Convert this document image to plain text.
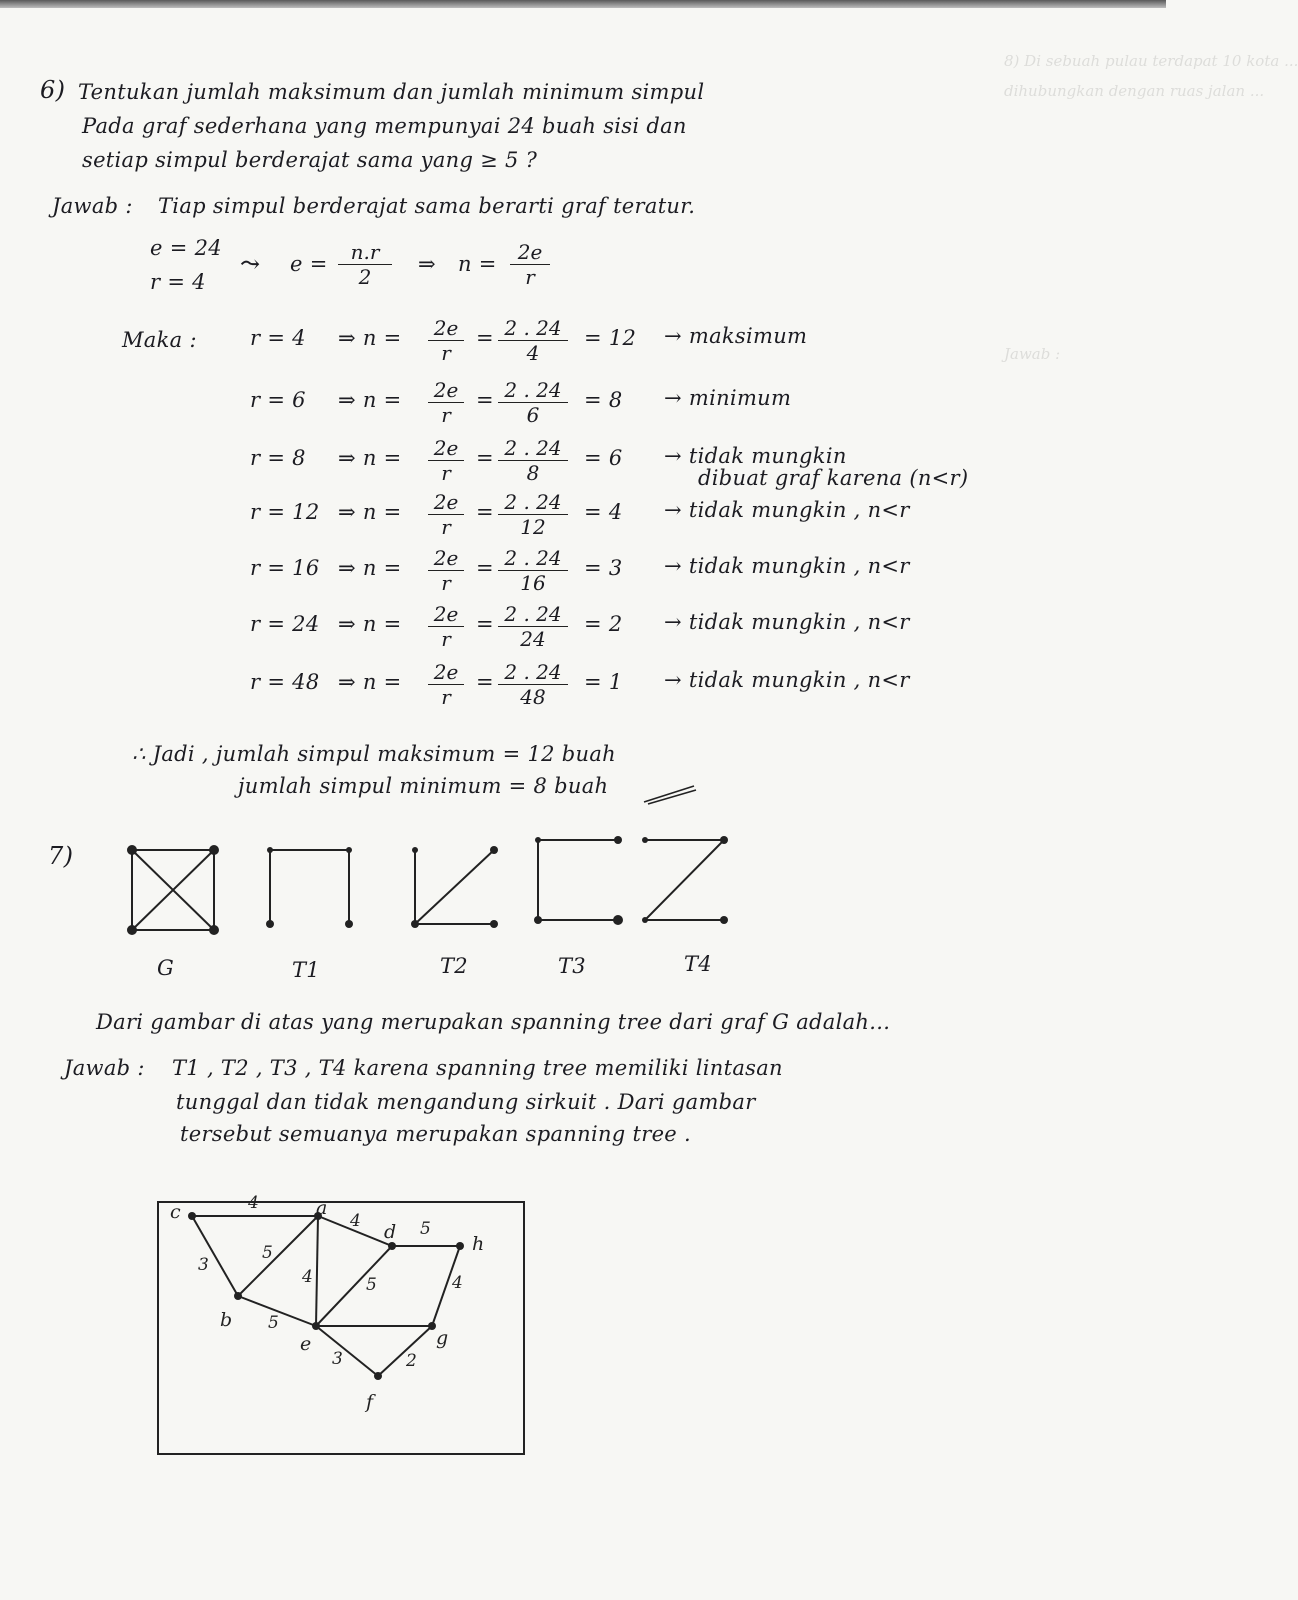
8) Di sebuah pulau terdapat 10 kota ...
dihubungkan dengan ruas jalan ...
Jawab :
6) Tentukan jumlah maksimum dan jumlah minimum simpul
Pada graf sederhana yang mempunyai 24 buah sisi dan
setiap simpul berderajat sama yang ≥ 5 ?
Jawab : Tiap simpul berderajat sama berarti graf teratur.
e = 24
r = 4
⤳ $e = \frac{n.r}{2}$ ⇒ $n = \frac{2e}{r}$
Maka :	r = 4 ⇒ $n = \frac{2e}{r} = \frac{2 . 24}{4} = 12$ → maksimum
r = 6 ⇒ $n = \frac{2e}{r} = \frac{2 . 24}{6} = 8$ → minimum
r = 8 ⇒ $n = \frac{2e}{r} = \frac{2 . 24}{8} = 6$ → tidak mungkin
dibuat graf karena (n<r)
r = 12 ⇒ $n = \frac{2e}{r} = \frac{2 . 24}{12} = 4$ → tidak mungkin , n<r
r = 16 ⇒ $n = \frac{2e}{r} = \frac{2 . 24}{16} = 3$ → tidak mungkin , n<r
r = 24 ⇒ $n = \frac{2e}{r} = \frac{2 . 24}{24} = 2$ → tidak mungkin , n<r
r = 48 ⇒ $n = \frac{2e}{r} = \frac{2 . 24}{48} = 1$ → tidak mungkin , n<r
∴ Jadi , jumlah simpul maksimum = 12 buah
jumlah simpul minimum = 8 buah
7)
G	T1	T2	T3	T4
Dari gambar di atas yang merupakan spanning tree dari graf G adalah...
Jawab : T1 , T2 , T3 , T4 karena spanning tree memiliki lintasan
tunggal dan tidak mengandung sirkuit . Dari gambar
tersebut semuanya merupakan spanning tree .
4
3
5
4
4	5
5	4
5
3	2
a
b
c
d
e
f
g
h
